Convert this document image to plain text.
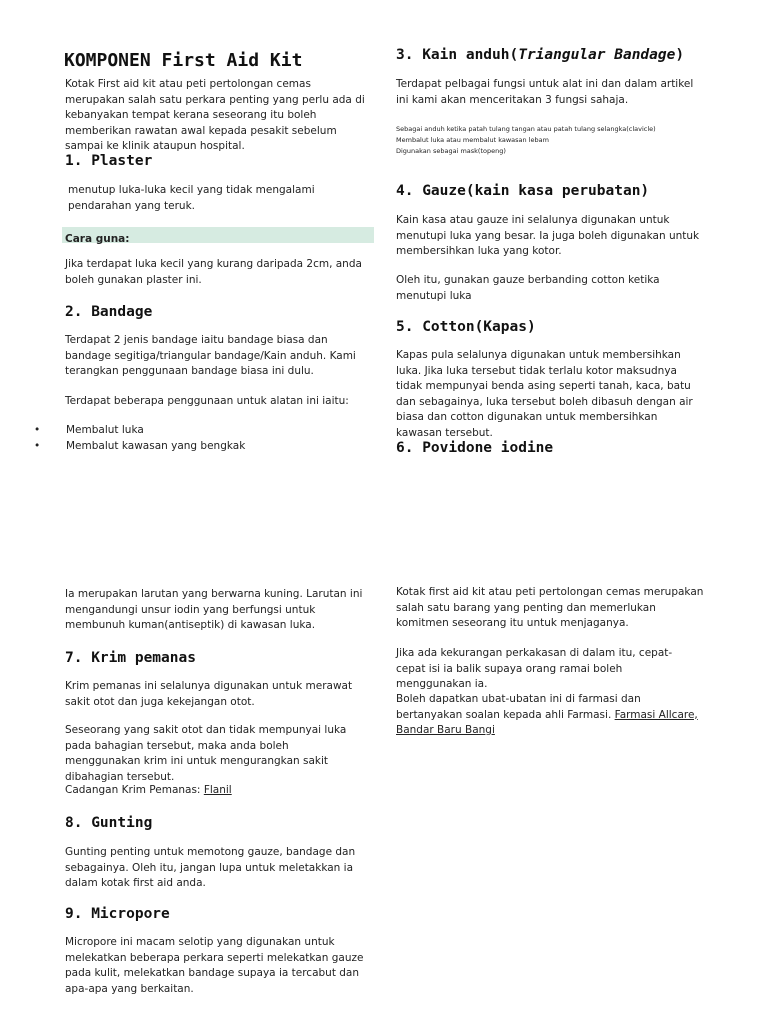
KOMPONEN First Aid Kit

Kotak First aid kit atau peti pertolongan cemas merupakan salah satu perkara penting yang perlu ada di kebanyakan tempat kerana seseorang itu boleh memberikan rawatan awal kepada pesakit sebelum sampai ke klinik ataupun hospital.

1. Plaster

menutup luka-luka kecil yang tidak mengalami pendarahan yang teruk.

Cara guna:

Jika terdapat luka kecil yang kurang daripada 2cm, anda boleh gunakan plaster ini.

2. Bandage

Terdapat 2 jenis bandage iaitu bandage biasa dan bandage segitiga/triangular bandage/Kain anduh. Kami terangkan penggunaan bandage biasa ini dulu.

Terdapat beberapa penggunaan untuk alatan ini iaitu:

• Membalut luka
• Membalut kawasan yang bengkak
3. Kain anduh(Triangular Bandage)

Terdapat pelbagai fungsi untuk alat ini dan dalam artikel ini kami akan menceritakan 3 fungsi sahaja.

Sebagai anduh ketika patah tulang tangan atau patah tulang selangka(clavicle)

Membalut luka atau membalut kawasan lebam

Digunakan sebagai mask(topeng)

4. Gauze(kain kasa perubatan)

Kain kasa atau gauze ini selalunya digunakan untuk menutupi luka yang besar. Ia juga boleh digunakan untuk membersihkan luka yang kotor.

Oleh itu, gunakan gauze berbanding cotton ketika menutupi luka

5. Cotton(Kapas)

Kapas pula selalunya digunakan untuk membersihkan luka. Jika luka tersebut tidak terlalu kotor maksudnya tidak mempunyai benda asing seperti tanah, kaca, batu dan sebagainya, luka tersebut boleh dibasuh dengan air biasa dan cotton digunakan untuk membersihkan kawasan tersebut.

6. Povidone iodine

Ia merupakan larutan yang berwarna kuning. Larutan ini mengandungi unsur iodin yang berfungsi untuk membunuh kuman(antiseptik) di kawasan luka.

7. Krim pemanas

Krim pemanas ini selalunya digunakan untuk merawat sakit otot dan juga kekejangan otot.

Seseorang yang sakit otot dan tidak mempunyai luka pada bahagian tersebut, maka anda boleh menggunakan krim ini untuk mengurangkan sakit dibahagian tersebut.

Cadangan Krim Pemanas: Flanil

8. Gunting

Gunting penting untuk memotong gauze, bandage dan sebagainya. Oleh itu, jangan lupa untuk meletakkan ia dalam kotak first aid anda.

9. Micropore

Micropore ini macam selotip yang digunakan untuk melekatkan beberapa perkara seperti melekatkan gauze pada kulit, melekatkan bandage supaya ia tercabut dan apa-apa yang berkaitan.

Kotak first aid kit atau peti pertolongan cemas merupakan salah satu barang yang penting dan memerlukan komitmen seseorang itu untuk menjaganya.

Jika ada kekurangan perkakasan di dalam itu, cepat-cepat isi ia balik supaya orang ramai boleh menggunakan ia.

Boleh dapatkan ubat-ubatan ini di farmasi dan bertanyakan soalan kepada ahli Farmasi. Farmasi Allcare, Bandar Baru Bangi
